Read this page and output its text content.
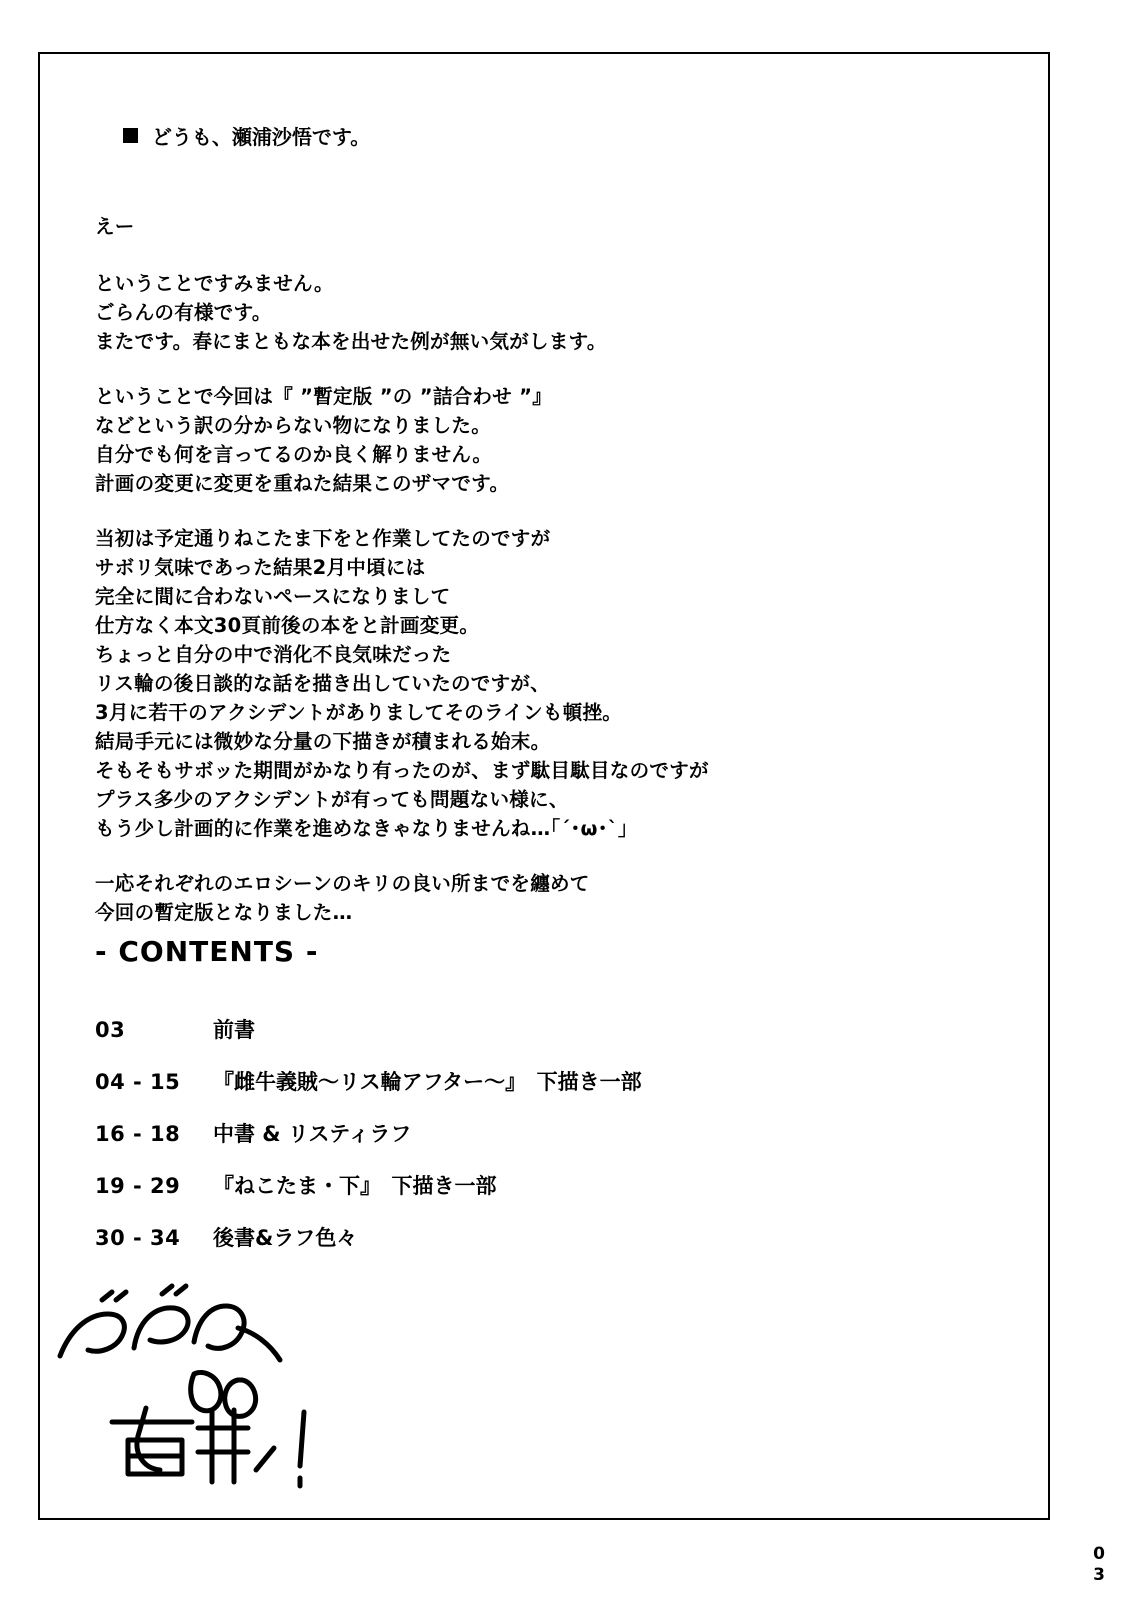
どうも、瀬浦沙悟です。

えー
ということですみません。
ごらんの有様です。
またです。春にまともな本を出せた例が無い気がします。
ということで今回は『 ”暫定版 ”の ”詰合わせ ”』
などという訳の分からない物になりました。
自分でも何を言ってるのか良く解りません。
計画の変更に変更を重ねた結果このザマです。
当初は予定通りねこたま下をと作業してたのですが
サボリ気味であった結果2月中頃には
完全に間に合わないペースになりまして
仕方なく本文30頁前後の本をと計画変更。
ちょっと自分の中で消化不良気味だった
リス輪の後日談的な話を描き出していたのですが、
3月に若干のアクシデントがありましてそのラインも頓挫。
結局手元には微妙な分量の下描きが積まれる始末。
そもそもサボッた期間がかなり有ったのが、まず駄目駄目なのですが
プラス多少のアクシデントが有っても問題ない様に、
もう少し計画的に作業を進めなきゃなりませんね…｢´･ω･`｣
一応それぞれのエロシーンのキリの良い所までを纏めて
今回の暫定版となりました…
- CONTENTS -
03	前書
04 - 15	『雌牛義賊〜リス輪アフター〜』　下描き一部
16 - 18	中書 & リスティラフ
19 - 29	『ねこたま・下』　下描き一部
30 - 34	後書&ラフ色々
03
